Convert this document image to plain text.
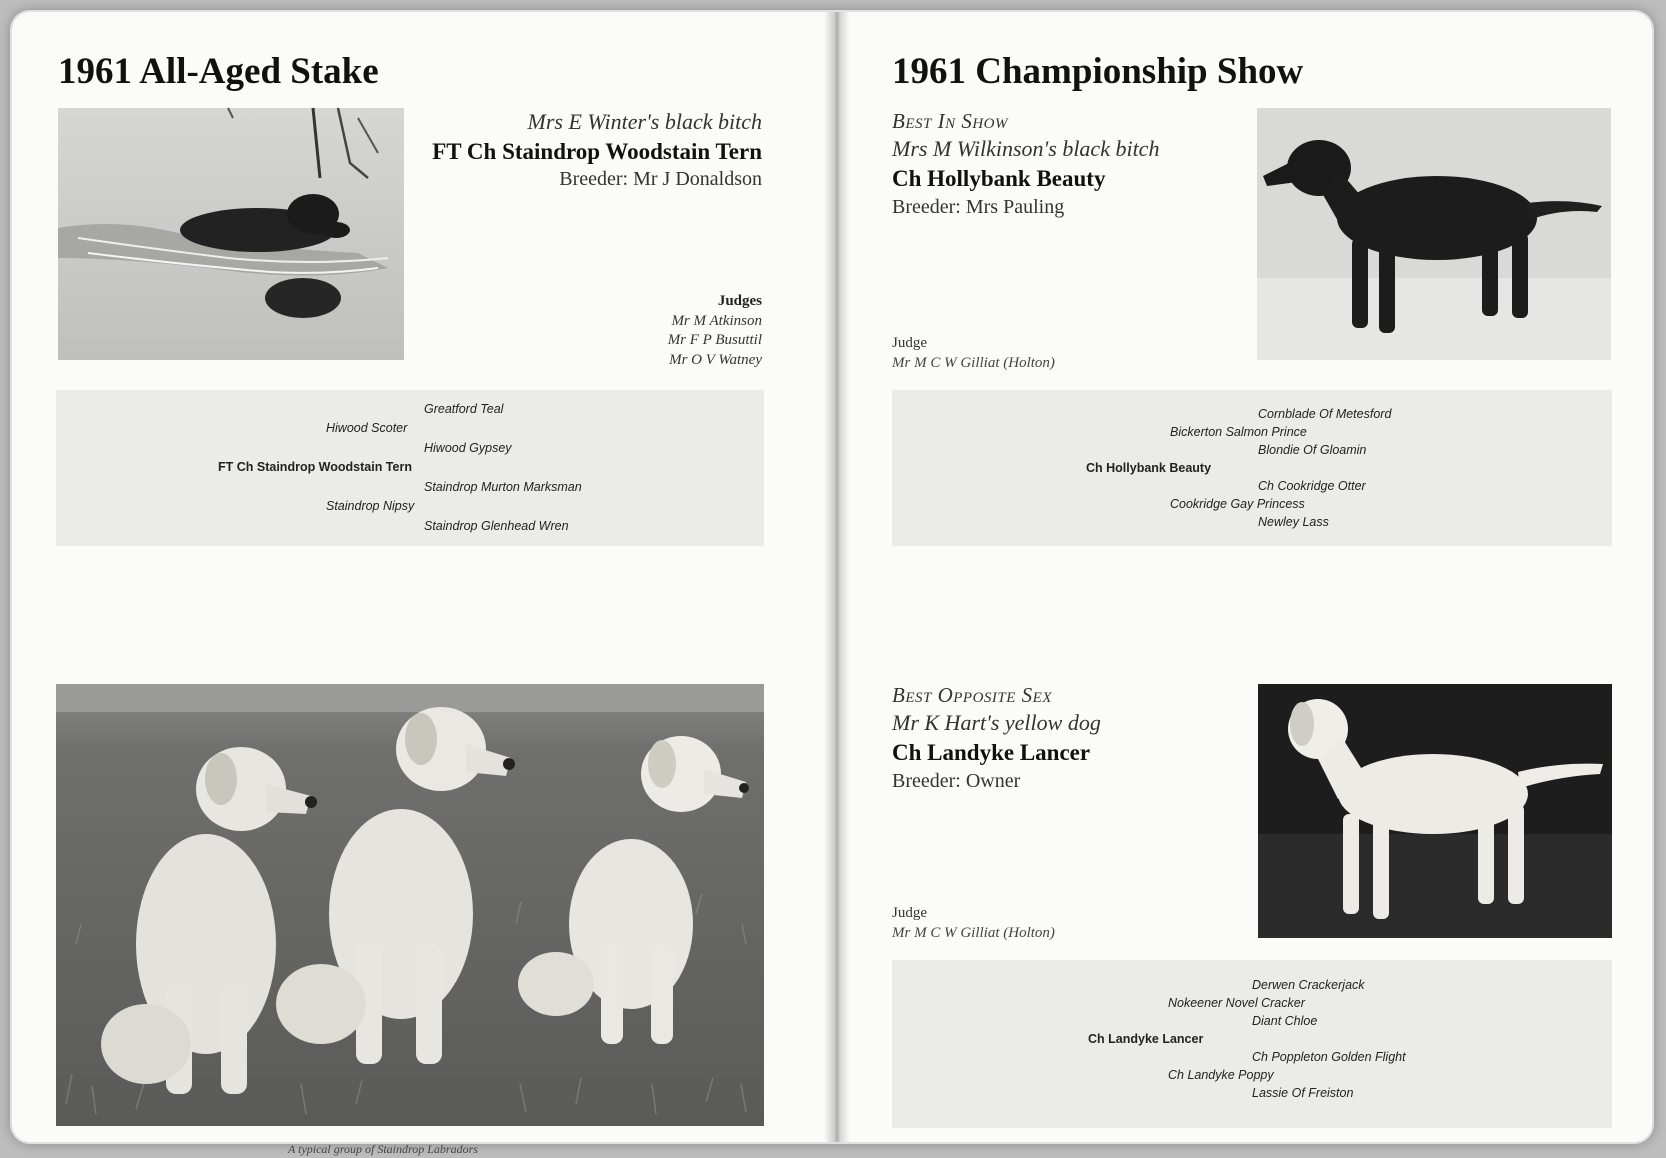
1961 All-Aged Stake
Mrs E Winter's black bitch
FT Ch Staindrop Woodstain Tern
Breeder: Mr J Donaldson
Judges
Mr M Atkinson
Mr F P Busuttil
Mr O V Watney
Greatford Teal
Hiwood Scoter
Hiwood Gypsey
FT Ch Staindrop Woodstain Tern
Staindrop Murton Marksman
Staindrop Nipsy
Staindrop Glenhead Wren
A typical group of Staindrop Labradors
1961 Championship Show
Best In Show
Mrs M Wilkinson's black bitch
Ch Hollybank Beauty
Breeder: Mrs Pauling
Judge
Mr M C W Gilliat (Holton)
Cornblade Of Metesford
Bickerton Salmon Prince
Blondie Of Gloamin
Ch Hollybank Beauty
Ch Cookridge Otter
Cookridge Gay Princess
Newley Lass
Best Opposite Sex
Mr K Hart's yellow dog
Ch Landyke Lancer
Breeder: Owner
Judge
Mr M C W Gilliat (Holton)
Derwen Crackerjack
Nokeener Novel Cracker
Diant Chloe
Ch Landyke Lancer
Ch Poppleton Golden Flight
Ch Landyke Poppy
Lassie Of Freiston
